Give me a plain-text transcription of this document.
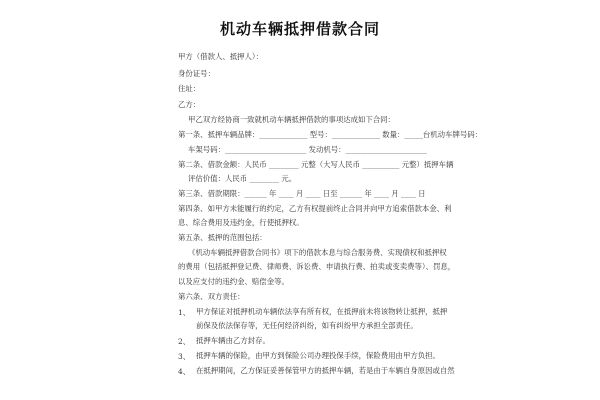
机动车辆抵押借款合同
甲方（借款人、抵押人）：
身份证号：
住址：
乙方：
甲乙双方经协商一致就机动车辆抵押借款的事项达成如下合同：
第一条、抵押车辆品牌：_____________ 型号：_____________ 数量：_____台机动车牌号码：
车架号码：______________________ 发动机号：______________________
第二条、借款金额：人民币 ________ 元整（大写人民币 __________ 元整）抵押车辆
评估价值：人民币 ________ 元。
第三条、借款期限：______ 年 ____ 月 ____ 日至 ______ 年 ____ 月 ____ 日
第四条、如甲方未能履行的约定，乙方有权提前终止合同并向甲方追索借款本金、利
息、综合费用及违约金，行使抵押权。
第五条、抵押的范围包括：
《机动车辆抵押借款合同书》项下的借款本息与综合服务费、实现债权和抵押权
的费用（包括抵押登记费、律师费、诉讼费、申请执行费、拍卖或变卖费等）、罚息，
以及应支付的违约金、赔偿金等。
第六条、双方责任：
1、 甲方保证对抵押机动车辆依法享有所有权，在抵押前未将该物转让抵押，抵押
前保及依法保存等，无任何经济纠纷，如有纠纷甲方承担全部责任。
2、 抵押车辆由乙方封存。
3、 抵押车辆的保险，由甲方到保险公司办理投保手续，保险费用由甲方负担。
4、 在抵押期间，乙方保证妥善保管甲方的抵押车辆，若是由于车辆自身原因或自然
